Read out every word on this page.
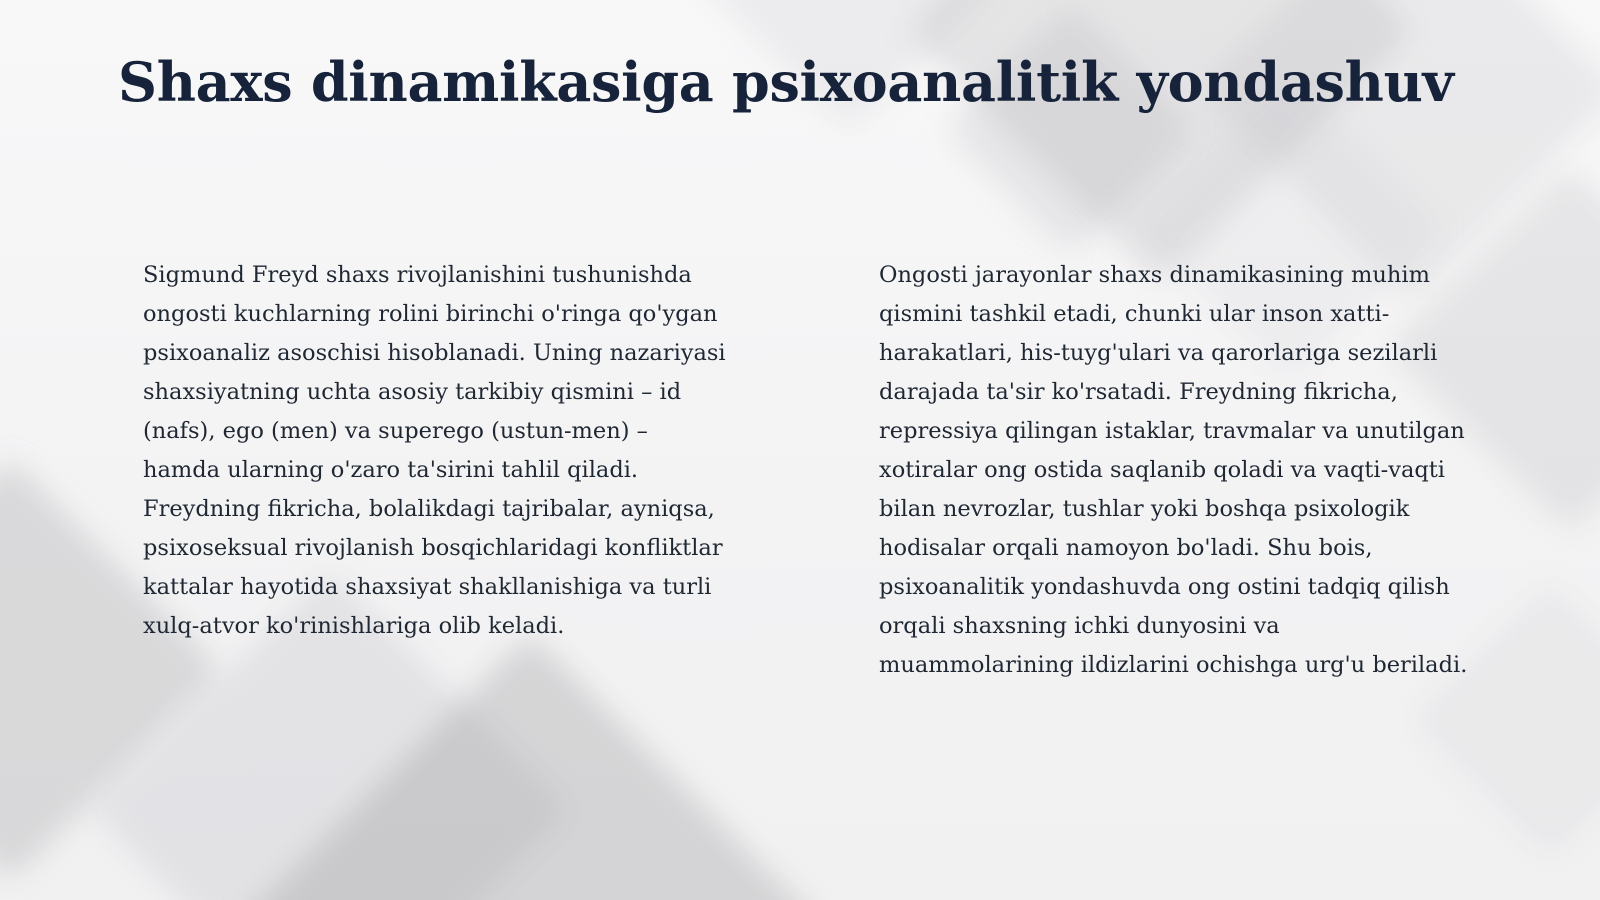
Shaxs dinamikasiga psixoanalitik yondashuv

Sigmund Freyd shaxs rivojlanishini tushunishda ongosti kuchlarning rolini birinchi o'ringa qo'ygan psixoanaliz asoschisi hisoblanadi. Uning nazariyasi shaxsiyatning uchta asosiy tarkibiy qismini – id (nafs), ego (men) va superego (ustun-men) – hamda ularning o'zaro ta'sirini tahlil qiladi. Freydning fikricha, bolalikdagi tajribalar, ayniqsa, psixoseksual rivojlanish bosqichlaridagi konfliktlar kattalar hayotida shaxsiyat shakllanishiga va turli xulq-atvor ko'rinishlariga olib keladi.

Ongosti jarayonlar shaxs dinamikasining muhim qismini tashkil etadi, chunki ular inson xatti-harakatlari, his-tuyg'ulari va qarorlariga sezilarli darajada ta'sir ko'rsatadi. Freydning fikricha, repressiya qilingan istaklar, travmalar va unutilgan xotiralar ong ostida saqlanib qoladi va vaqti-vaqti bilan nevrozlar, tushlar yoki boshqa psixologik hodisalar orqali namoyon bo'ladi. Shu bois, psixoanalitik yondashuvda ong ostini tadqiq qilish orqali shaxsning ichki dunyosini va muammolarining ildizlarini ochishga urg'u beriladi.
